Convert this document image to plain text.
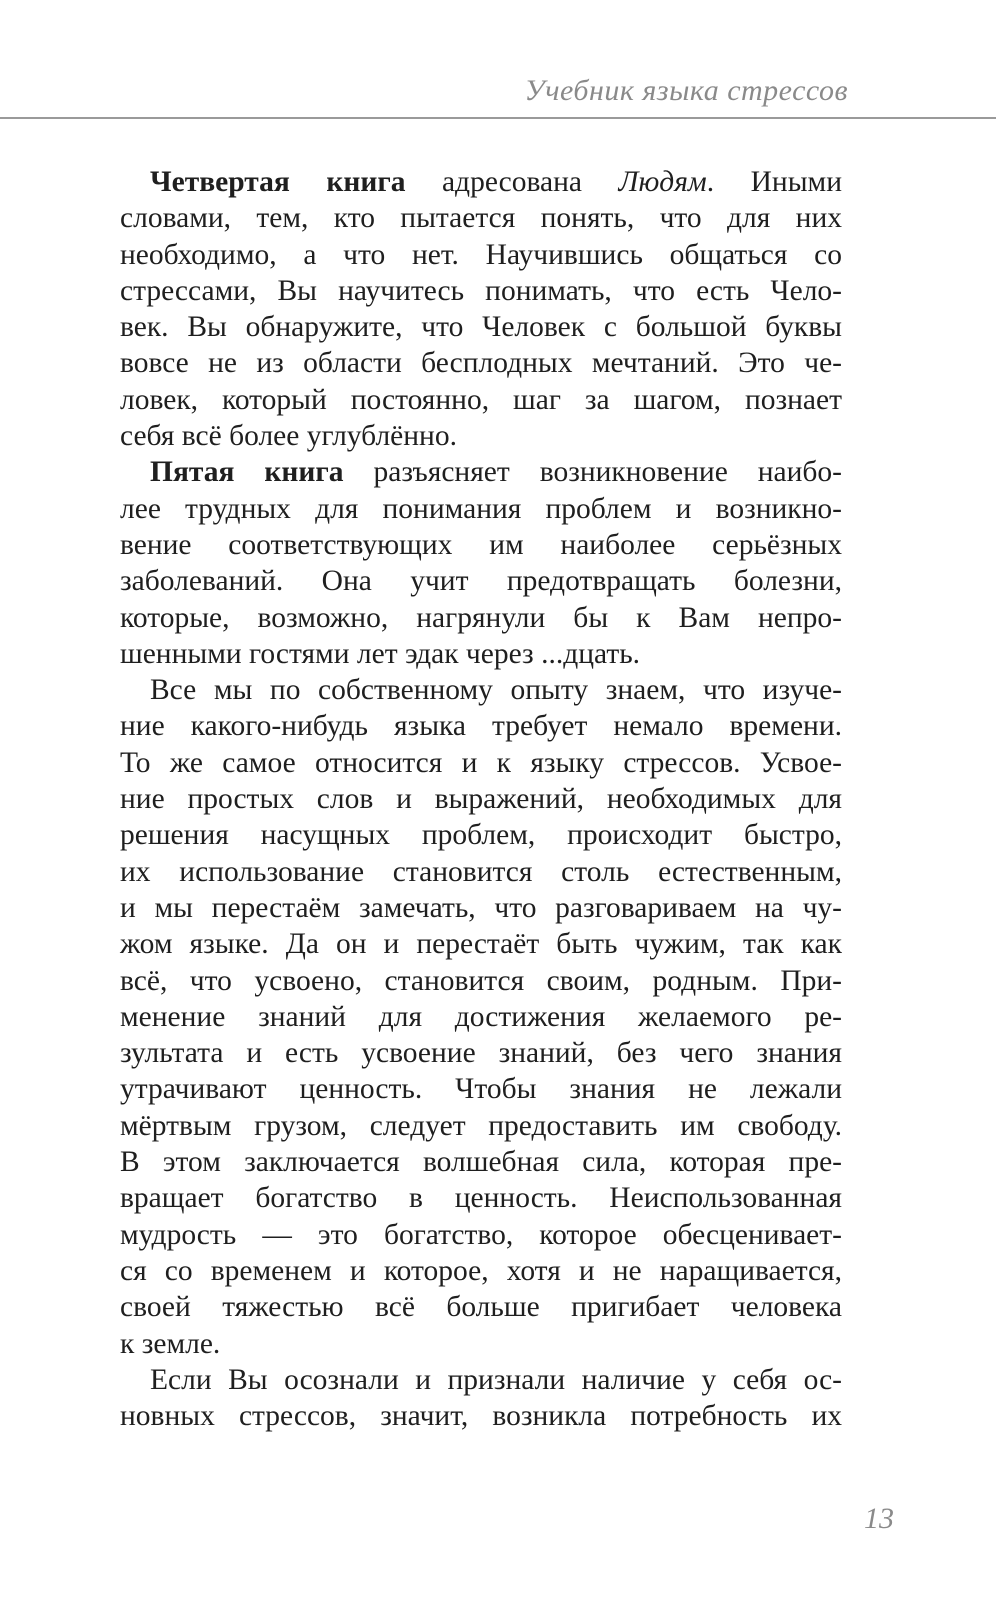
Учебник языка стрессов
Четвертая книга адресована Людям. Иными
словами, тем, кто пытается понять, что для них
необходимо, а что нет. Научившись общаться со
стрессами, Вы научитесь понимать, что есть Чело-
век. Вы обнаружите, что Человек с большой буквы
вовсе не из области бесплодных мечтаний. Это че-
ловек, который постоянно, шаг за шагом, познает
себя всё более углублённо.
Пятая книга разъясняет возникновение наибо-
лее трудных для понимания проблем и возникно-
вение соответствующих им наиболее серьёзных
заболеваний. Она учит предотвращать болезни,
которые, возможно, нагрянули бы к Вам непро-
шенными гостями лет эдак через ...дцать.
Все мы по собственному опыту знаем, что изуче-
ние какого-нибудь языка требует немало времени.
То же самое относится и к языку стрессов. Усвое-
ние простых слов и выражений, необходимых для
решения насущных проблем, происходит быстро,
их использование становится столь естественным,
и мы перестаём замечать, что разговариваем на чу-
жом языке. Да он и перестаёт быть чужим, так как
всё, что усвоено, становится своим, родным. При-
менение знаний для достижения желаемого ре-
зультата и есть усвоение знаний, без чего знания
утрачивают ценность. Чтобы знания не лежали
мёртвым грузом, следует предоставить им свободу.
В этом заключается волшебная сила, которая пре-
вращает богатство в ценность. Неиспользованная
мудрость — это богатство, которое обесценивает-
ся со временем и которое, хотя и не наращивается,
своей тяжестью всё больше пригибает человека
к земле.
Если Вы осознали и признали наличие у себя ос-
новных стрессов, значит, возникла потребность их
13
